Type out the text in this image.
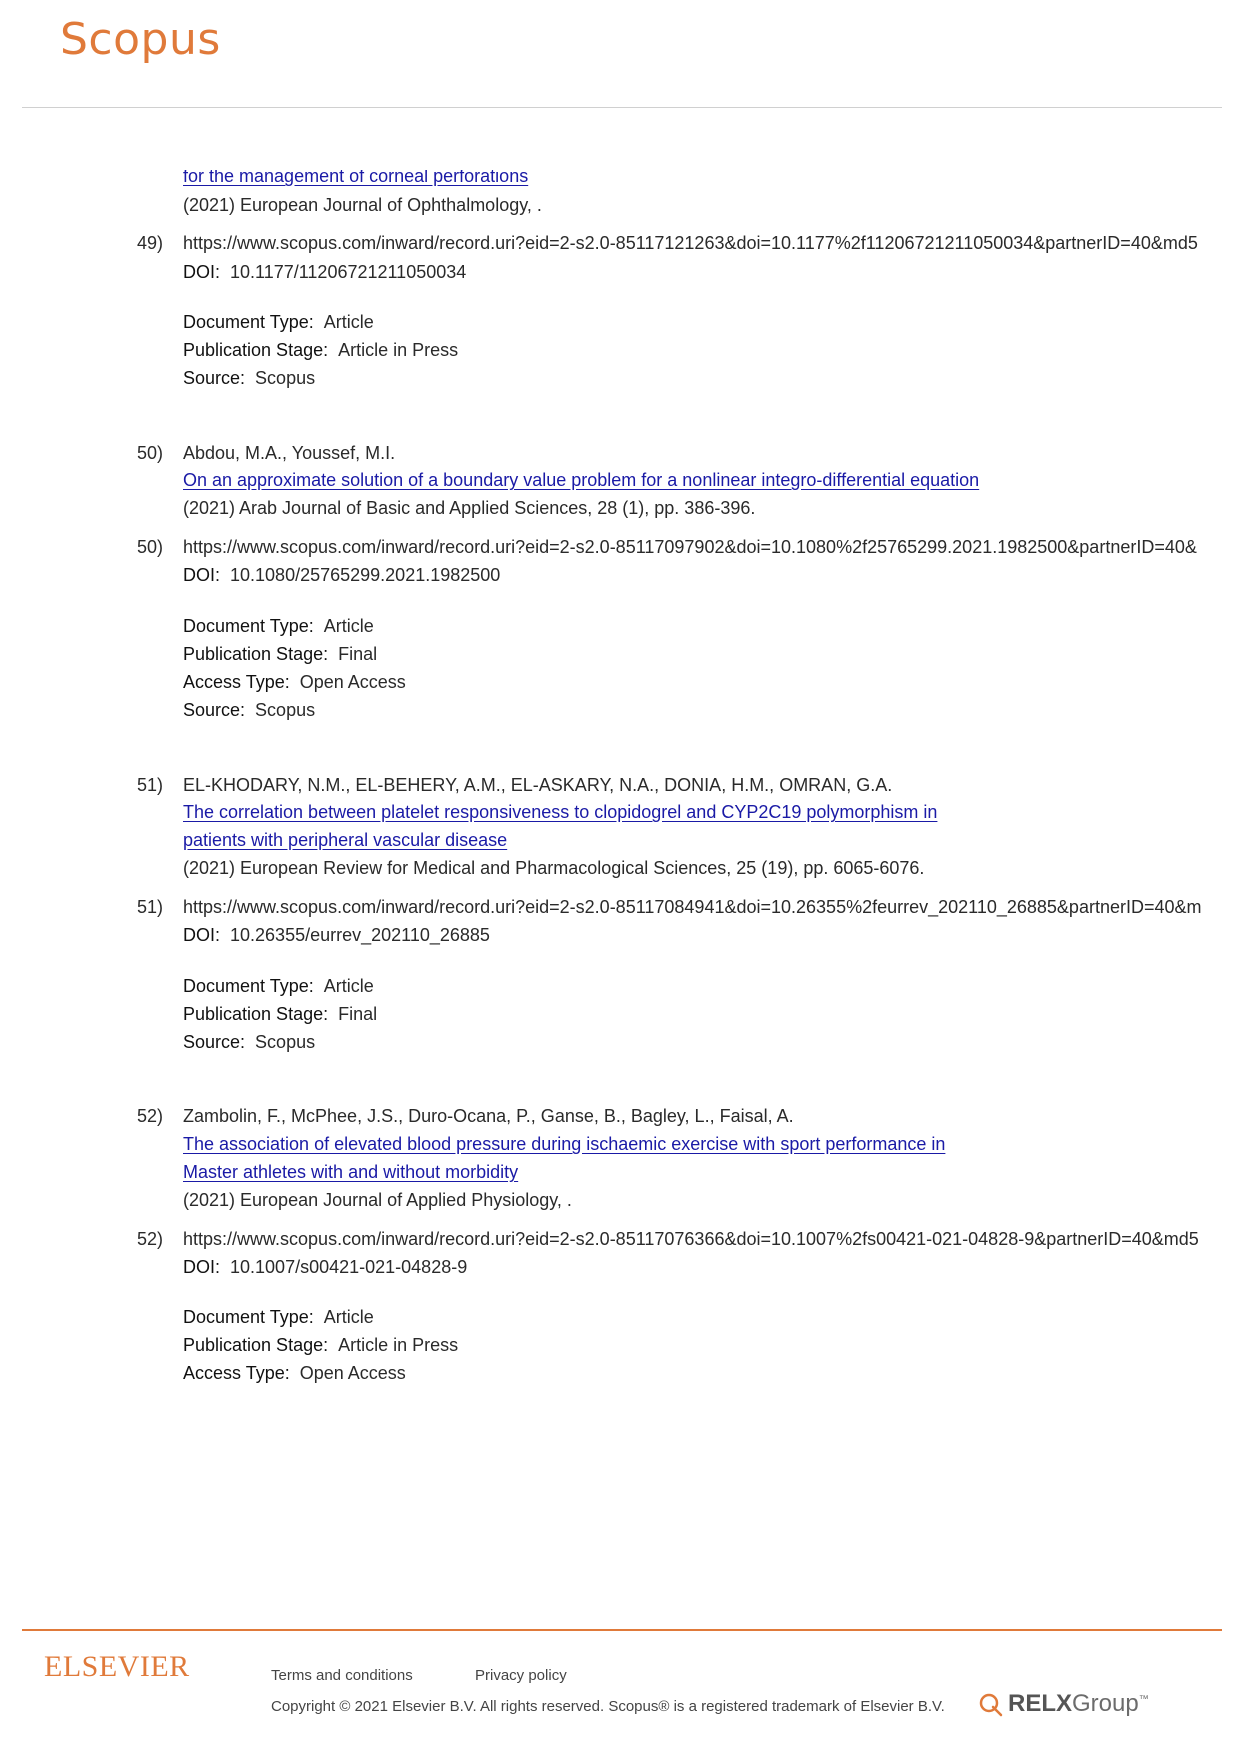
Scopus
for the management of corneal perforations
(2021) European Journal of Ophthalmology, .
49)	https://www.scopus.com/inward/record.uri?eid=2-s2.0-85117121263&doi=10.1177%2f11206721211050034&partnerID=40&md5
DOI: 10.1177/11206721211050034
Document Type: Article
Publication Stage: Article in Press
Source: Scopus
50)	Abdou, M.A., Youssef, M.I.
On an approximate solution of a boundary value problem for a nonlinear integro-differential equation
(2021) Arab Journal of Basic and Applied Sciences, 28 (1), pp. 386-396.
50)	https://www.scopus.com/inward/record.uri?eid=2-s2.0-85117097902&doi=10.1080%2f25765299.2021.1982500&partnerID=40&
DOI: 10.1080/25765299.2021.1982500
Document Type: Article
Publication Stage: Final
Access Type: Open Access
Source: Scopus
51)	EL-KHODARY, N.M., EL-BEHERY, A.M., EL-ASKARY, N.A., DONIA, H.M., OMRAN, G.A.
The correlation between platelet responsiveness to clopidogrel and CYP2C19 polymorphism in
patients with peripheral vascular disease
(2021) European Review for Medical and Pharmacological Sciences, 25 (19), pp. 6065-6076.
51)	https://www.scopus.com/inward/record.uri?eid=2-s2.0-85117084941&doi=10.26355%2feurrev_202110_26885&partnerID=40&m
DOI: 10.26355/eurrev_202110_26885
Document Type: Article
Publication Stage: Final
Source: Scopus
52)	Zambolin, F., McPhee, J.S., Duro-Ocana, P., Ganse, B., Bagley, L., Faisal, A.
The association of elevated blood pressure during ischaemic exercise with sport performance in
Master athletes with and without morbidity
(2021) European Journal of Applied Physiology, .
52)	https://www.scopus.com/inward/record.uri?eid=2-s2.0-85117076366&doi=10.1007%2fs00421-021-04828-9&partnerID=40&md5
DOI: 10.1007/s00421-021-04828-9
Document Type: Article
Publication Stage: Article in Press
Access Type: Open Access
ELSEVIER	Terms and conditions	Privacy policy
Copyright © 2021 Elsevier B.V. All rights reserved. Scopus® is a registered trademark of Elsevier B.V.	RELXGroup™
